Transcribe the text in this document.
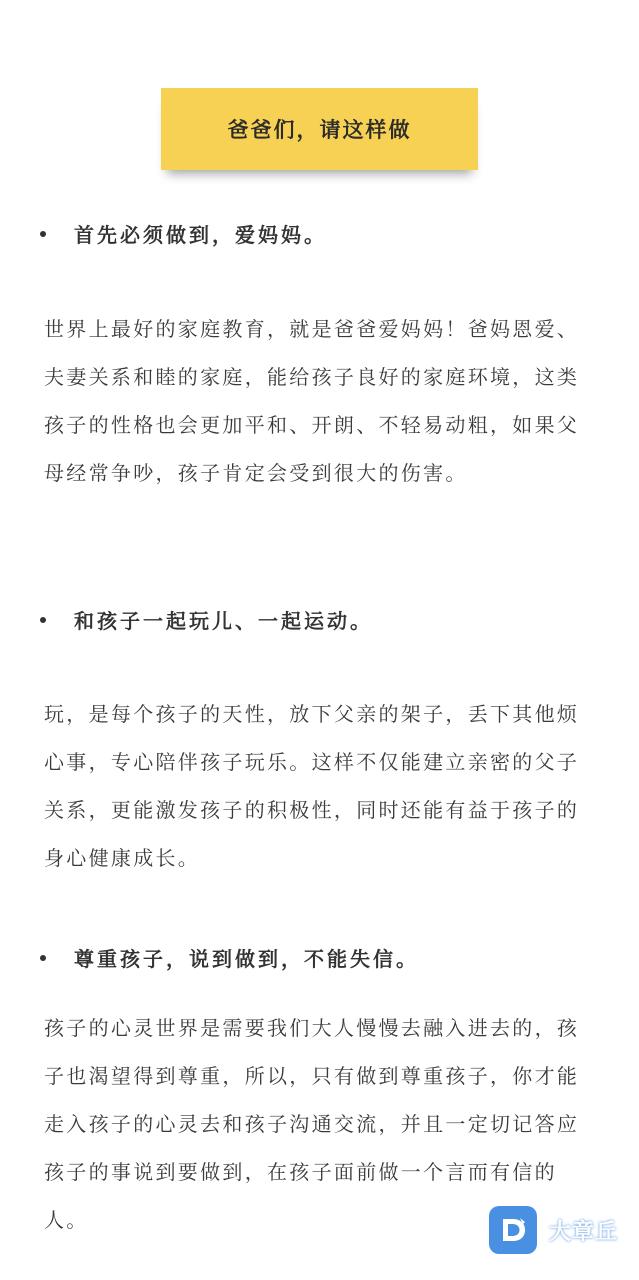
爸爸们，请这样做
首先必须做到，爱妈妈。

世界上最好的家庭教育，就是爸爸爱妈妈！爸妈恩爱、夫妻关系和睦的家庭，能给孩子良好的家庭环境，这类孩子的性格也会更加平和、开朗、不轻易动粗，如果父母经常争吵，孩子肯定会受到很大的伤害。

和孩子一起玩儿、一起运动。

玩，是每个孩子的天性，放下父亲的架子，丢下其他烦心事，专心陪伴孩子玩乐。这样不仅能建立亲密的父子关系，更能激发孩子的积极性，同时还能有益于孩子的身心健康成长。

尊重孩子，说到做到，不能失信。

孩子的心灵世界是需要我们大人慢慢去融入进去的，孩子也渴望得到尊重，所以，只有做到尊重孩子，你才能走入孩子的心灵去和孩子沟通交流，并且一定切记答应孩子的事说到要做到，在孩子面前做一个言而有信的人。	大章丘
